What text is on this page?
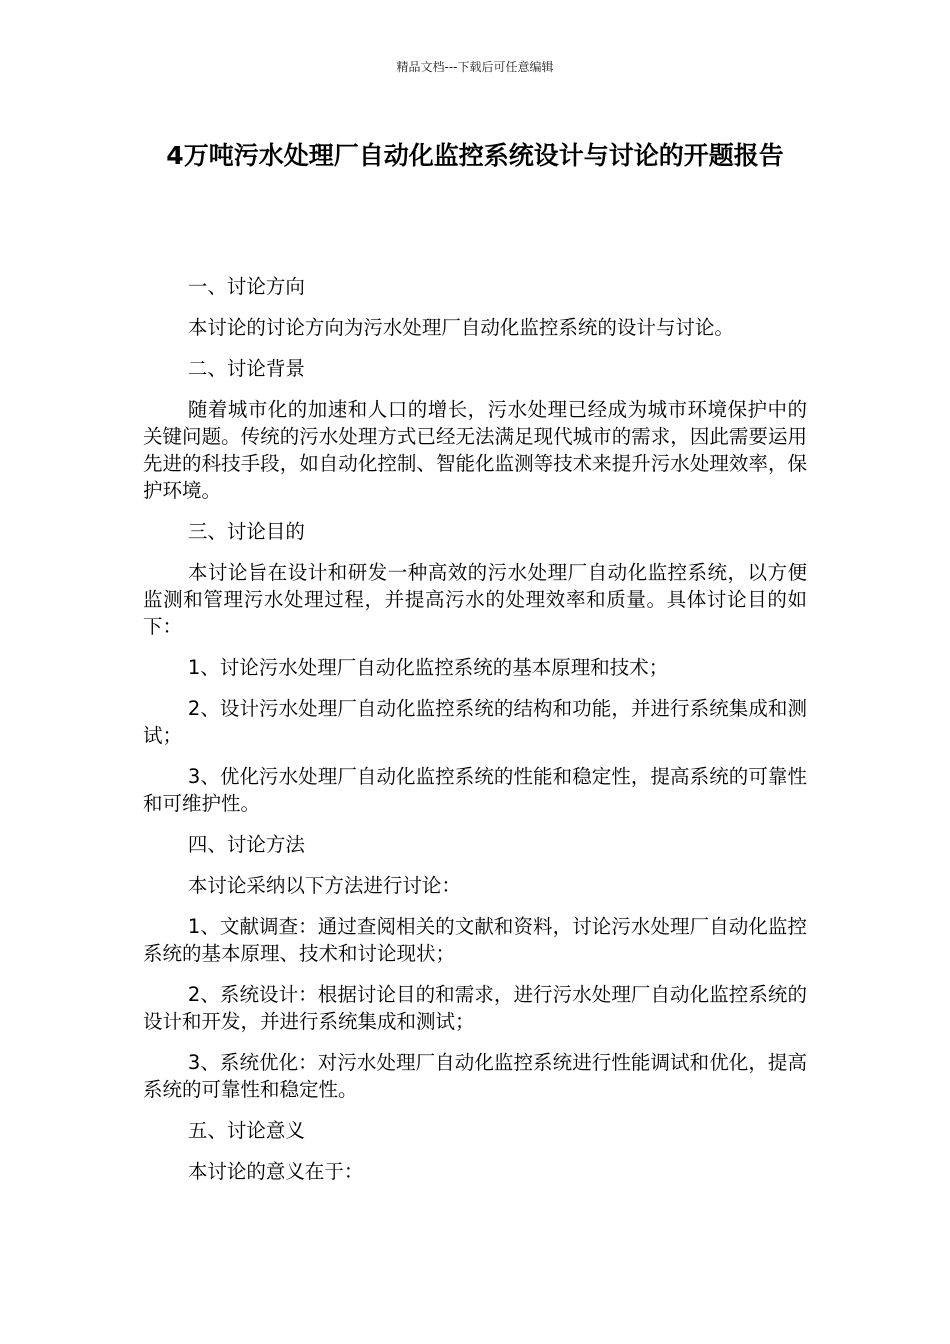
精品文档---下载后可任意编辑
4万吨污水处理厂自动化监控系统设计与讨论的开题报告

一、讨论方向

本讨论的讨论方向为污水处理厂自动化监控系统的设计与讨论。

二、讨论背景

随着城市化的加速和人口的增长，污水处理已经成为城市环境保护中的关键问题。传统的污水处理方式已经无法满足现代城市的需求，因此需要运用先进的科技手段，如自动化控制、智能化监测等技术来提升污水处理效率，保护环境。

三、讨论目的

本讨论旨在设计和研发一种高效的污水处理厂自动化监控系统，以方便监测和管理污水处理过程，并提高污水的处理效率和质量。具体讨论目的如下：

1、讨论污水处理厂自动化监控系统的基本原理和技术；

2、设计污水处理厂自动化监控系统的结构和功能，并进行系统集成和测试；

3、优化污水处理厂自动化监控系统的性能和稳定性，提高系统的可靠性和可维护性。

四、讨论方法

本讨论采纳以下方法进行讨论：

1、文献调查：通过查阅相关的文献和资料，讨论污水处理厂自动化监控系统的基本原理、技术和讨论现状；

2、系统设计：根据讨论目的和需求，进行污水处理厂自动化监控系统的设计和开发，并进行系统集成和测试；

3、系统优化：对污水处理厂自动化监控系统进行性能调试和优化，提高系统的可靠性和稳定性。

五、讨论意义

本讨论的意义在于：
